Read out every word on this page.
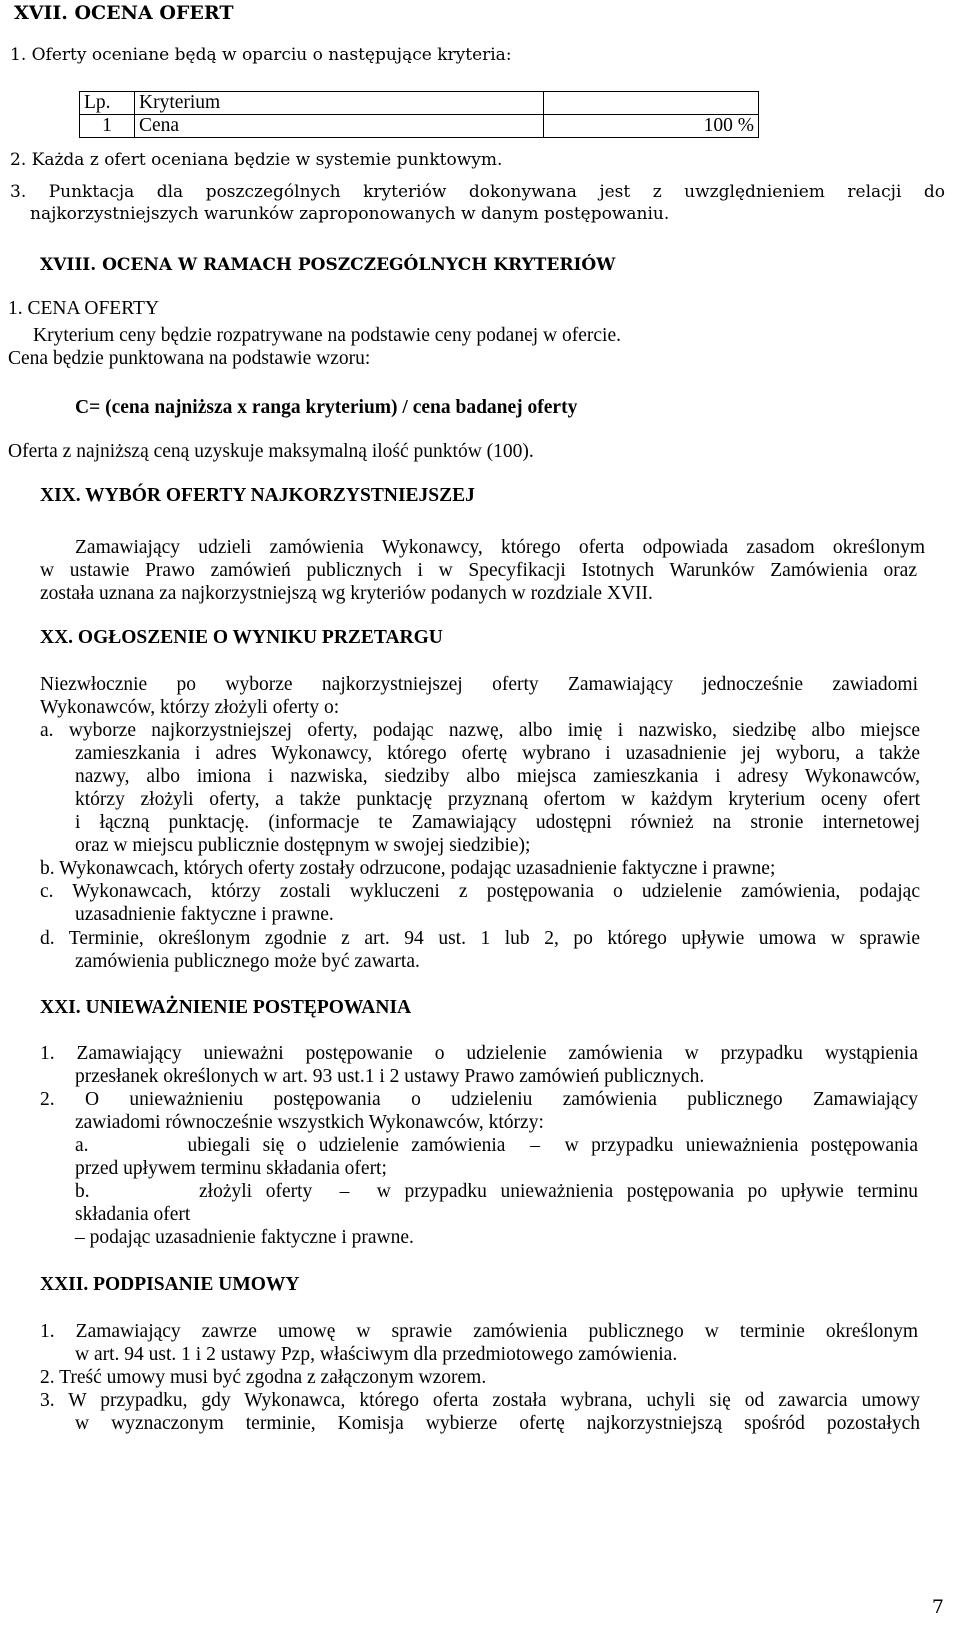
XVII. OCENA OFERT
1. Oferty oceniane będą w oparciu o następujące kryteria:
Lp.	Kryterium	
1	Cena	100 %
2. Każda z ofert oceniana będzie w systemie punktowym.
3. Punktacja dla poszczególnych kryteriów dokonywana jest z uwzględnieniem relacji do
najkorzystniejszych warunków zaproponowanych w danym postępowaniu.
XVIII. OCENA W RAMACH POSZCZEGÓLNYCH KRYTERIÓW
1. CENA OFERTY
Kryterium ceny będzie rozpatrywane na podstawie ceny podanej w ofercie.
Cena będzie punktowana na podstawie wzoru:
C= (cena najniższa x ranga kryterium) / cena badanej oferty
Oferta z najniższą ceną uzyskuje maksymalną ilość punktów (100).
XIX. WYBÓR OFERTY NAJKORZYSTNIEJSZEJ
Zamawiający udzieli zamówienia Wykonawcy, którego oferta odpowiada zasadom określonym
w ustawie Prawo zamówień publicznych i w Specyfikacji Istotnych Warunków Zamówienia oraz
została uznana za najkorzystniejszą wg kryteriów podanych w rozdziale XVII.
XX. OGŁOSZENIE O WYNIKU PRZETARGU
Niezwłocznie po wyborze najkorzystniejszej oferty Zamawiający jednocześnie zawiadomi
Wykonawców, którzy złożyli oferty o:
a. wyborze najkorzystniejszej oferty, podając nazwę, albo imię i nazwisko, siedzibę albo miejsce
zamieszkania i adres Wykonawcy, którego ofertę wybrano i uzasadnienie jej wyboru, a także
nazwy, albo imiona i nazwiska, siedziby albo miejsca zamieszkania i adresy Wykonawców,
którzy złożyli oferty, a także punktację przyznaną ofertom w każdym kryterium oceny ofert
i łączną punktację. (informacje te Zamawiający udostępni również na stronie internetowej
oraz w miejscu publicznie dostępnym w swojej siedzibie);
b. Wykonawcach, których oferty zostały odrzucone, podając uzasadnienie faktyczne i prawne;
c. Wykonawcach, którzy zostali wykluczeni z postępowania o udzielenie zamówienia, podając
uzasadnienie faktyczne i prawne.
d. Terminie, określonym zgodnie z art. 94 ust. 1 lub 2, po którego upływie umowa w sprawie
zamówienia publicznego może być zawarta.
XXI. UNIEWAŻNIENIE POSTĘPOWANIA
1. Zamawiający unieważni postępowanie o udzielenie zamówienia w przypadku wystąpienia
przesłanek określonych w art. 93 ust.1 i 2 ustawy Prawo zamówień publicznych.
2. O unieważnieniu postępowania o udzieleniu zamówienia publicznego Zamawiający
zawiadomi równocześnie wszystkich Wykonawców, którzy:
a.        ubiegali się o udzielenie zamówienia  –  w przypadku unieważnienia postępowania
przed upływem terminu składania ofert;
b.        złożyli oferty  –  w przypadku unieważnienia postępowania po upływie terminu
składania ofert
– podając uzasadnienie faktyczne i prawne.
XXII. PODPISANIE UMOWY
1. Zamawiający zawrze umowę w sprawie zamówienia publicznego w terminie określonym
w art. 94 ust. 1 i 2 ustawy Pzp, właściwym dla przedmiotowego zamówienia.
2. Treść umowy musi być zgodna z załączonym wzorem.
3. W przypadku, gdy Wykonawca, którego oferta została wybrana, uchyli się od zawarcia umowy
w wyznaczonym terminie, Komisja wybierze ofertę najkorzystniejszą spośród pozostałych
7
